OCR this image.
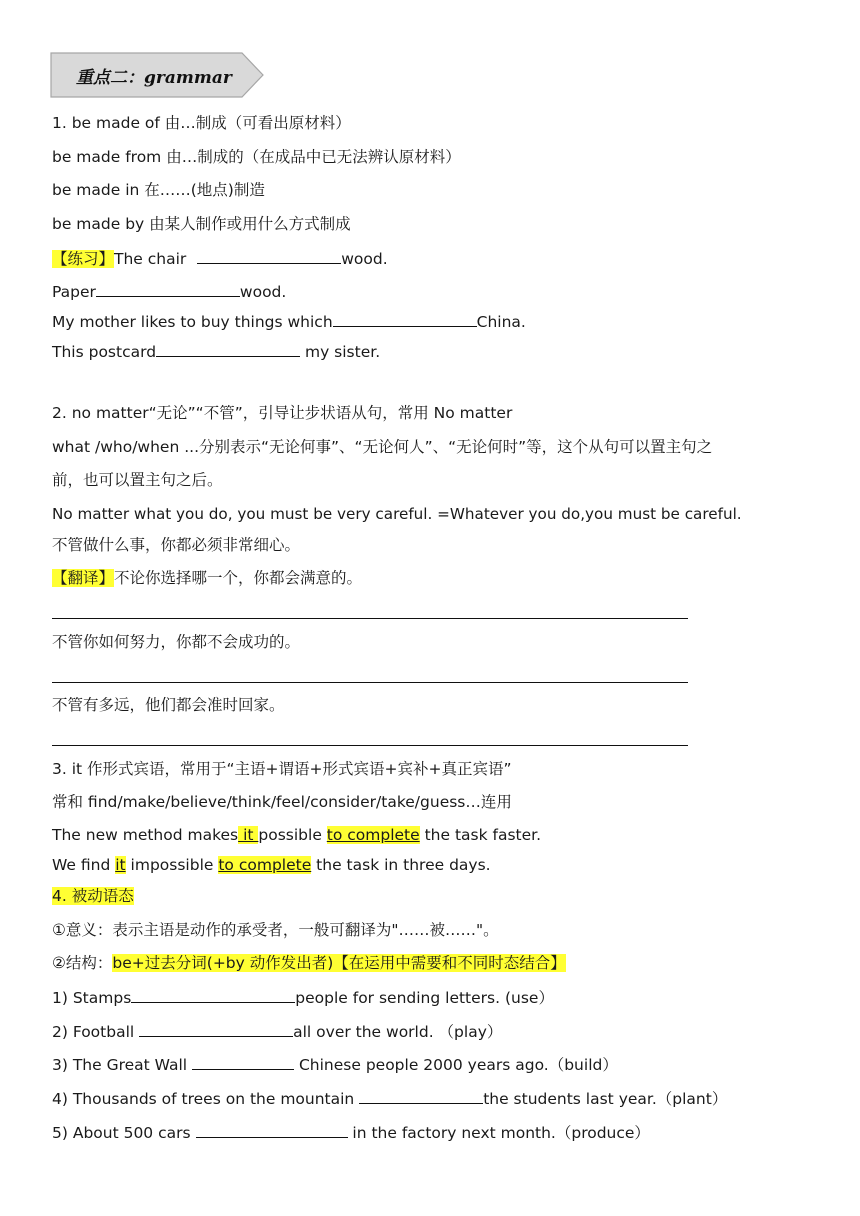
重点二：grammar
1. be made of 由…制成（可看出原材料）
be made from 由…制成的（在成品中已无法辨认原材料）
be made in 在……(地点)制造
be made by 由某人制作或用什么方式制成
【练习】The chair	wood.
Paper	wood.
My mother likes to buy things which	China.
This postcard	my sister.
2. no matter“无论”“不管”，引导让步状语从句，常用 No matter
what /who/when ...分别表示“无论何事”、“无论何人”、“无论何时”等，这个从句可以置主句之
前，也可以置主句之后。
No matter what you do, you must be very careful. =Whatever you do,you must be careful.
不管做什么事，你都必须非常细心。
【翻译】不论你选择哪一个，你都会满意的。
不管你如何努力，你都不会成功的。
不管有多远，他们都会准时回家。
3. it 作形式宾语，常用于“主语+谓语+形式宾语+宾补+真正宾语”
常和 find/make/believe/think/feel/consider/take/guess…连用
The new method makes it possible to complete the task faster.
We find it impossible to complete the task in three days.
4. 被动语态
①意义：表示主语是动作的承受者，一般可翻译为"……被……"。
②结构：be+过去分词(+by 动作发出者)【在运用中需要和不同时态结合】
1) Stamps	people for sending letters. (use）
2) Football	all over the world. （play）
3) The Great Wall	Chinese people 2000 years ago.（build）
4) Thousands of trees on the mountain	the students last year.（plant）
5) About 500 cars	in the factory next month.（produce）
